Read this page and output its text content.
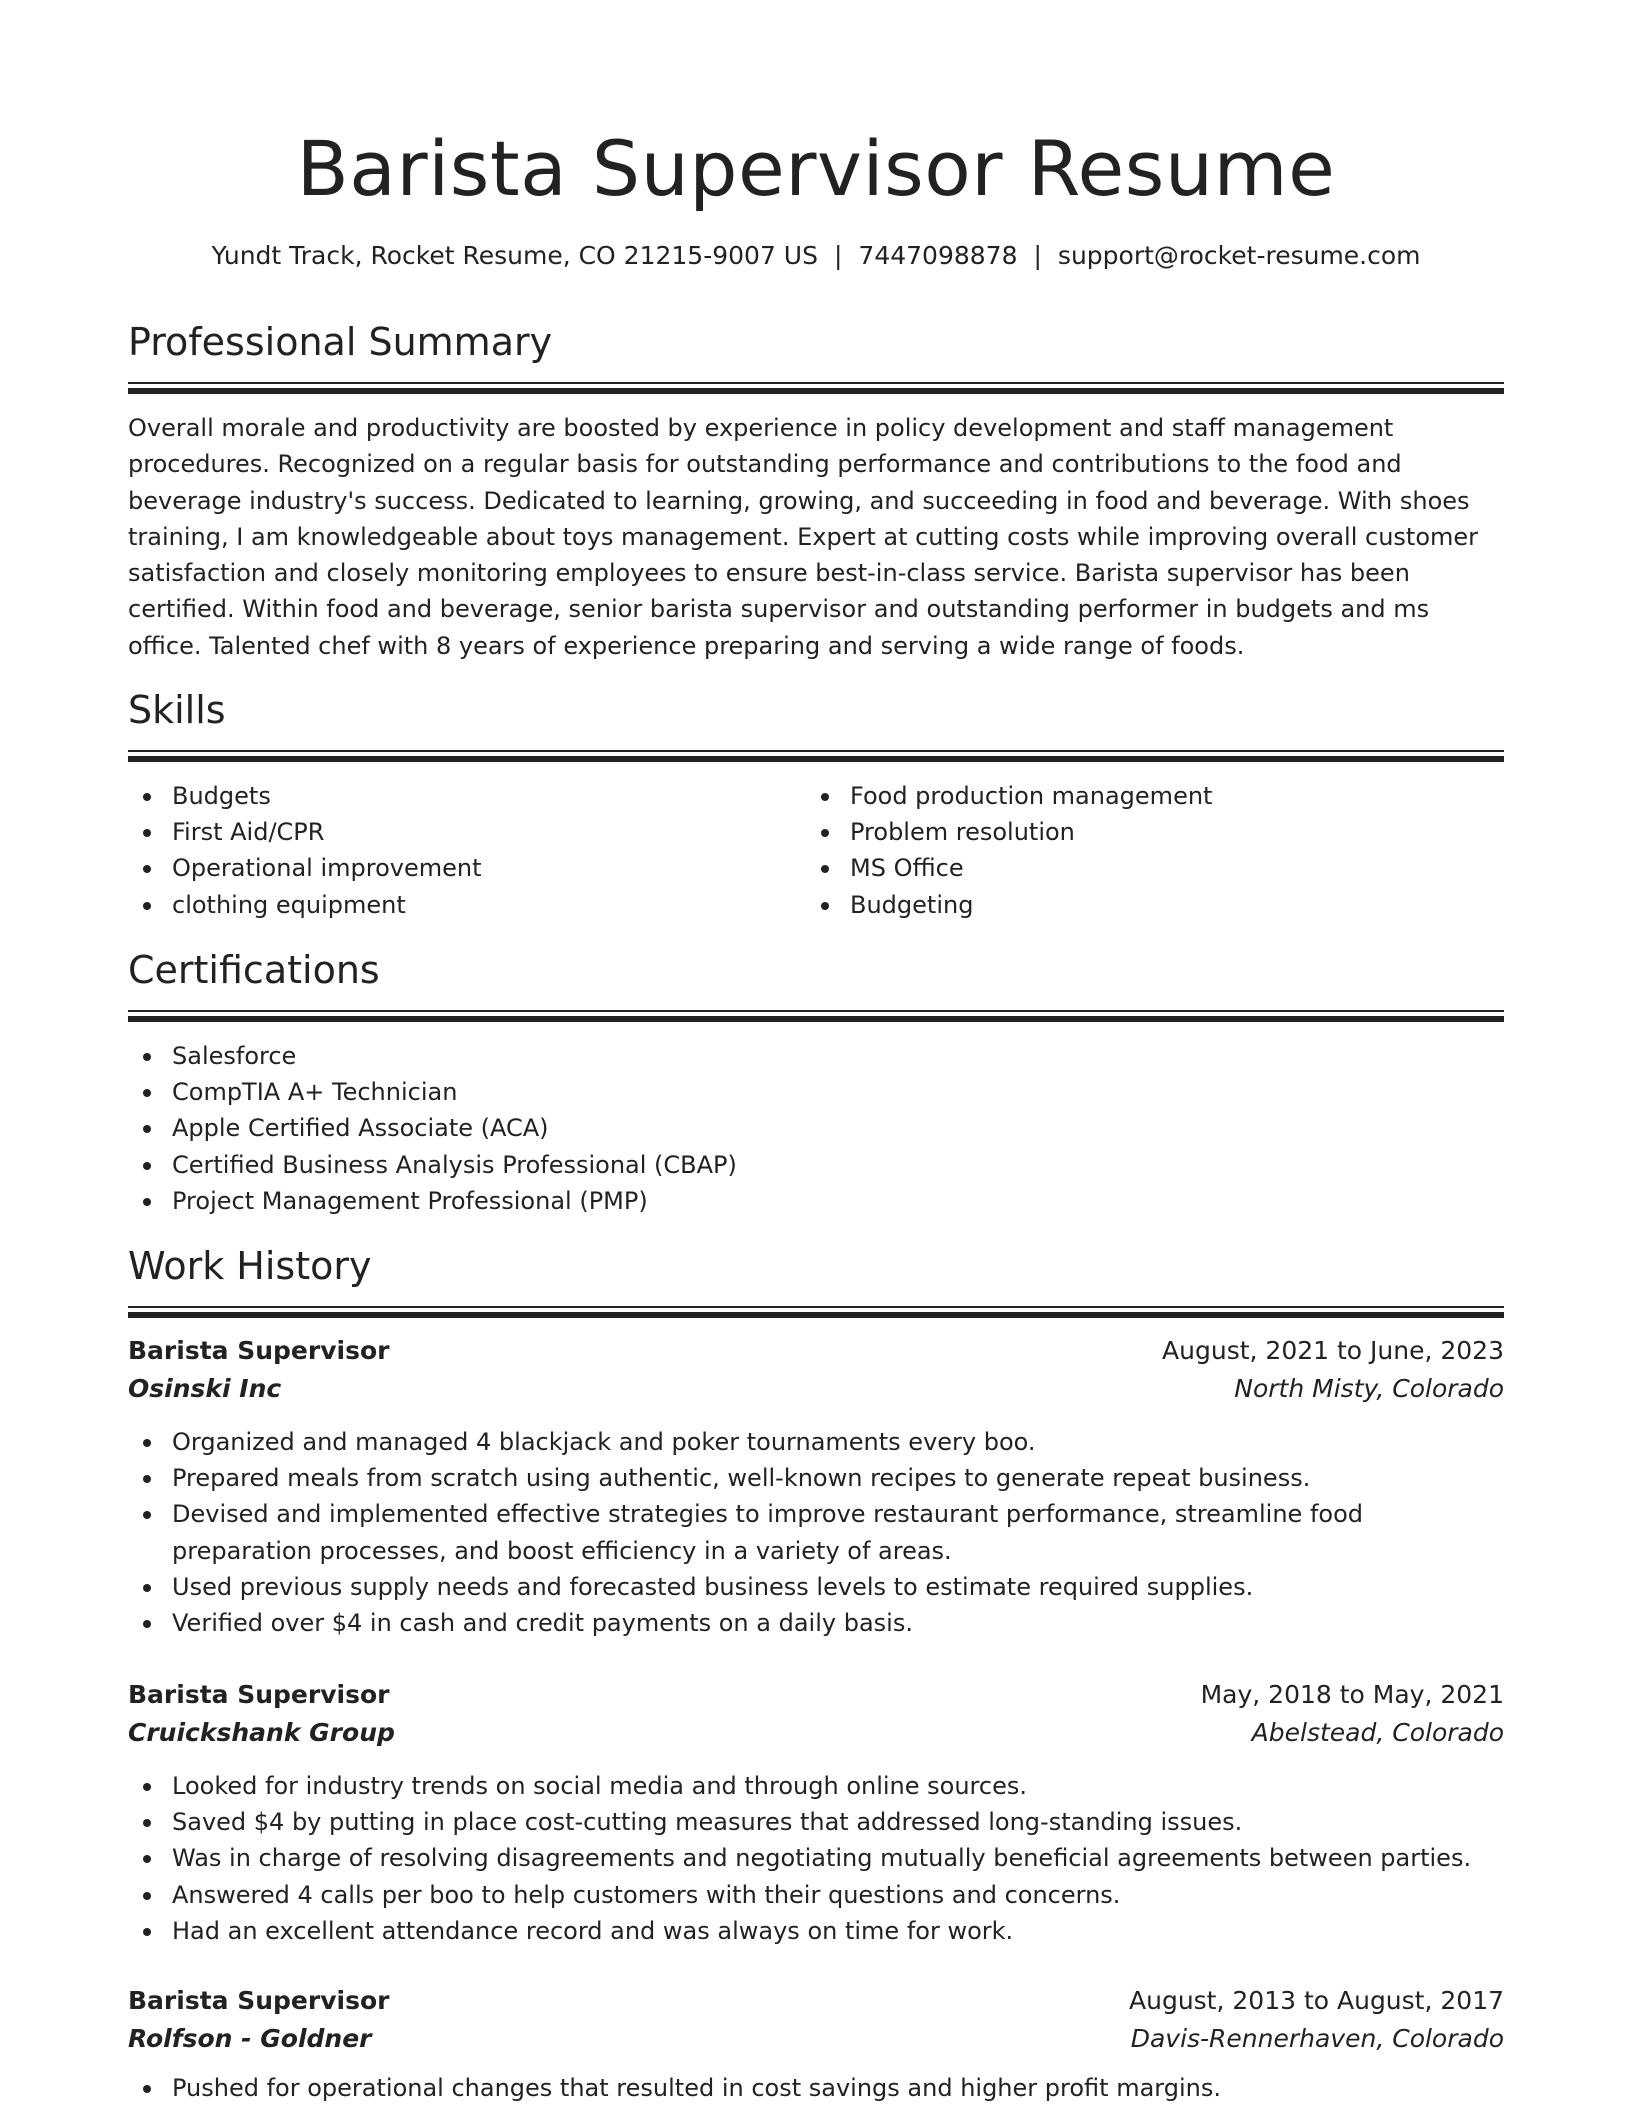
Barista Supervisor Resume
Yundt Track, Rocket Resume, CO 21215-9007 US | 7447098878 | support@rocket-resume.com
Professional Summary
Overall morale and productivity are boosted by experience in policy development and staff management procedures. Recognized on a regular basis for outstanding performance and contributions to the food and beverage industry's success. Dedicated to learning, growing, and succeeding in food and beverage. With shoes training, I am knowledgeable about toys management. Expert at cutting costs while improving overall customer satisfaction and closely monitoring employees to ensure best-in-class service. Barista supervisor has been certified. Within food and beverage, senior barista supervisor and outstanding performer in budgets and ms office. Talented chef with 8 years of experience preparing and serving a wide range of foods.
Skills
Budgets
First Aid/CPR
Operational improvement
clothing equipment
Food production management
Problem resolution
MS Office
Budgeting
Certifications
Salesforce
CompTIA A+ Technician
Apple Certified Associate (ACA)
Certified Business Analysis Professional (CBAP)
Project Management Professional (PMP)
Work History
Barista Supervisor	August, 2021 to June, 2023
Osinski Inc	North Misty, Colorado
Organized and managed 4 blackjack and poker tournaments every boo.
Prepared meals from scratch using authentic, well-known recipes to generate repeat business.
Devised and implemented effective strategies to improve restaurant performance, streamline food preparation processes, and boost efficiency in a variety of areas.
Used previous supply needs and forecasted business levels to estimate required supplies.
Verified over $4 in cash and credit payments on a daily basis.
Barista Supervisor	May, 2018 to May, 2021
Cruickshank Group	Abelstead, Colorado
Looked for industry trends on social media and through online sources.
Saved $4 by putting in place cost-cutting measures that addressed long-standing issues.
Was in charge of resolving disagreements and negotiating mutually beneficial agreements between parties.
Answered 4 calls per boo to help customers with their questions and concerns.
Had an excellent attendance record and was always on time for work.
Barista Supervisor	August, 2013 to August, 2017
Rolfson - Goldner	Davis-Rennerhaven, Colorado
Pushed for operational changes that resulted in cost savings and higher profit margins.
